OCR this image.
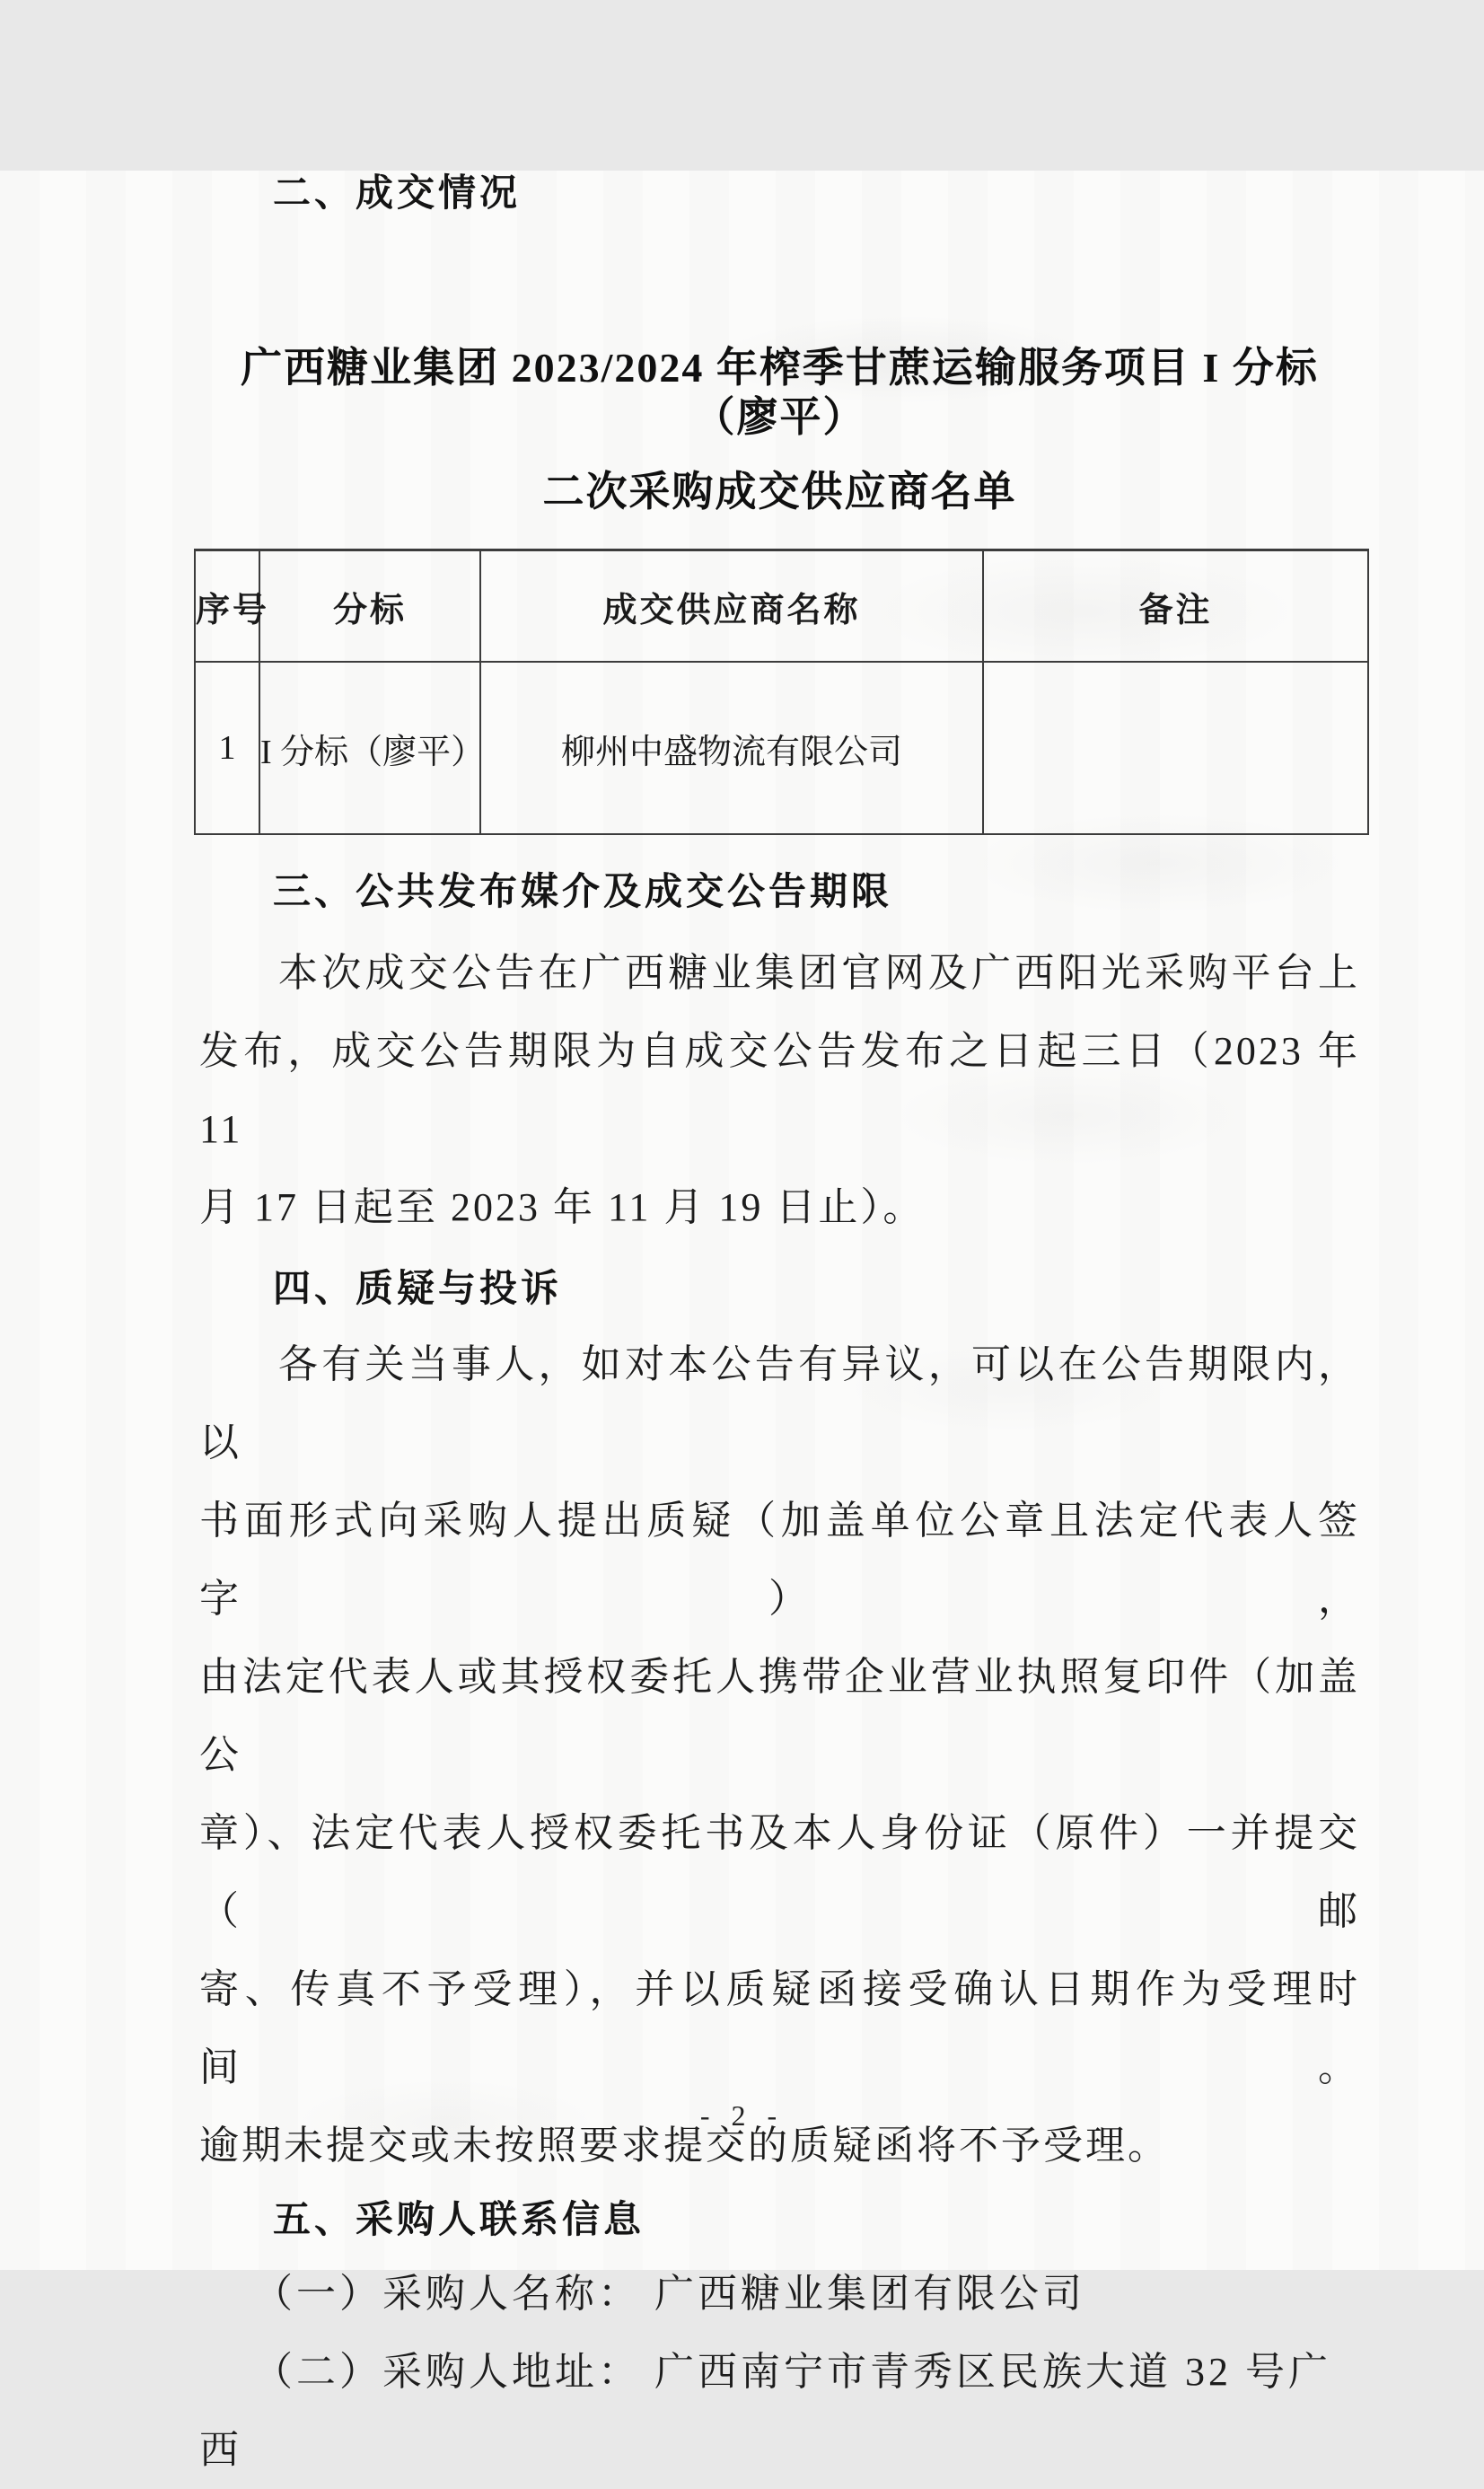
二、成交情况
广西糖业集团 2023/2024 年榨季甘蔗运输服务项目 I 分标（廖平）
二次采购成交供应商名单
序号	分标	成交供应商名称	备注
1	I 分标（廖平）	柳州中盛物流有限公司	
三、公共发布媒介及成交公告期限
本次成交公告在广西糖业集团官网及广西阳光采购平台上
发布，成交公告期限为自成交公告发布之日起三日（2023 年 11
月 17 日起至 2023 年 11 月 19 日止）。
四、质疑与投诉
各有关当事人，如对本公告有异议，可以在公告期限内，以
书面形式向采购人提出质疑（加盖单位公章且法定代表人签字），
由法定代表人或其授权委托人携带企业营业执照复印件（加盖公
章）、法定代表人授权委托书及本人身份证（原件）一并提交（邮
寄、传真不予受理），并以质疑函接受确认日期作为受理时间。
逾期未提交或未按照要求提交的质疑函将不予受理。
五、采购人联系信息
（一）采购人名称： 广西糖业集团有限公司
（二）采购人地址： 广西南宁市青秀区民族大道 32 号广西
- 2 -
